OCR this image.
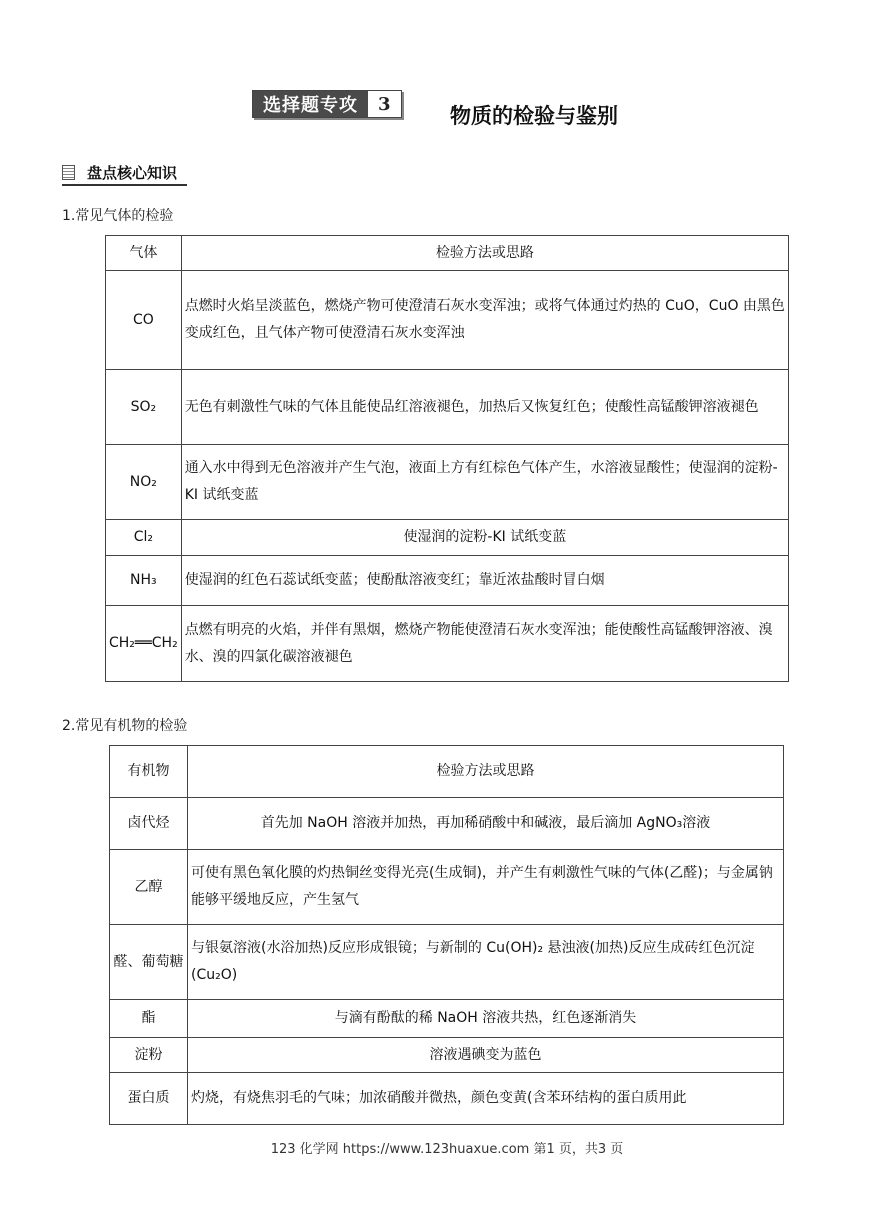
选择题专攻	3	物质的检验与鉴别
盘点核心知识
1.常见气体的检验
气体	检验方法或思路
CO	点燃时火焰呈淡蓝色，燃烧产物可使澄清石灰水变浑浊；或将气体通过灼热的 CuO，CuO 由黑色变成红色，且气体产物可使澄清石灰水变浑浊
SO₂	无色有刺激性气味的气体且能使品红溶液褪色，加热后又恢复红色；使酸性高锰酸钾溶液褪色
NO₂	通入水中得到无色溶液并产生气泡，液面上方有红棕色气体产生，水溶液显酸性；使湿润的淀粉-KI 试纸变蓝
Cl₂	使湿润的淀粉-KI 试纸变蓝
NH₃	使湿润的红色石蕊试纸变蓝；使酚酞溶液变红；靠近浓盐酸时冒白烟
CH₂══CH₂	点燃有明亮的火焰，并伴有黑烟，燃烧产物能使澄清石灰水变浑浊；能使酸性高锰酸钾溶液、溴水、溴的四氯化碳溶液褪色
2.常见有机物的检验
有机物	检验方法或思路
卤代烃	首先加 NaOH 溶液并加热，再加稀硝酸中和碱液，最后滴加 AgNO₃溶液
乙醇	可使有黑色氧化膜的灼热铜丝变得光亮(生成铜)，并产生有刺激性气味的气体(乙醛)；与金属钠能够平缓地反应，产生氢气
醛、葡萄糖	与银氨溶液(水浴加热)反应形成银镜；与新制的 Cu(OH)₂ 悬浊液(加热)反应生成砖红色沉淀(Cu₂O)
酯	与滴有酚酞的稀 NaOH 溶液共热，红色逐渐消失
淀粉	溶液遇碘变为蓝色
蛋白质	灼烧，有烧焦羽毛的气味；加浓硝酸并微热，颜色变黄(含苯环结构的蛋白质用此
123 化学网 https://www.123huaxue.com 第1 页，共3 页
